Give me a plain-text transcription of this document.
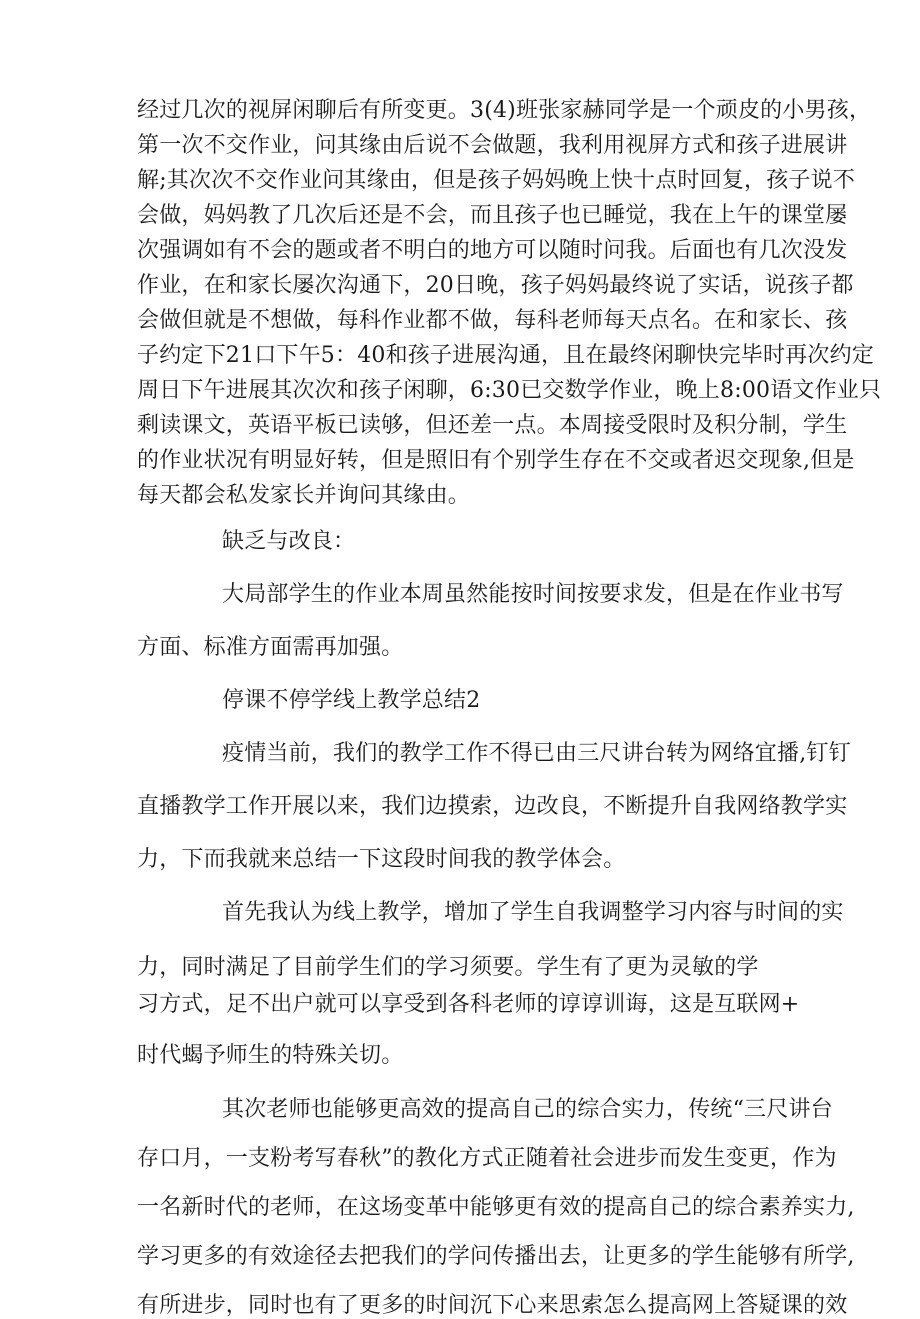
经过几次的视屏闲聊后有所变更。3(4)班张家赫同学是一个顽皮的小男孩，

第一次不交作业，问其缘由后说不会做题，我利用视屏方式和孩子进展讲

解;其次次不交作业问其缘由，但是孩子妈妈晚上快十点时回复，孩子说不

会做，妈妈教了几次后还是不会，而且孩子也已睡觉，我在上午的课堂屡

次强调如有不会的题或者不明白的地方可以随时问我。后面也有几次没发

作业，在和家长屡次沟通下，20日晚，孩子妈妈最终说了实话，说孩子都

会做但就是不想做，每科作业都不做，每科老师每天点名。在和家长、孩

子约定下21口下午5：40和孩子进展沟通，且在最终闲聊快完毕时再次约定

周日下午进展其次次和孩子闲聊，6:30已交数学作业，晚上8:00语文作业只

剩读课文，英语平板已读够，但还差一点。本周接受限时及积分制，学生

的作业状况有明显好转，但是照旧有个别学生存在不交或者迟交现象,但是

每天都会私发家长并询问其缘由。

缺乏与改良：

大局部学生的作业本周虽然能按时间按要求发，但是在作业书写

方面、标准方面需再加强。

停课不停学线上教学总结2

疫情当前，我们的教学工作不得已由三尺讲台转为网络宜播,钉钉

直播教学工作开展以来，我们边摸索，边改良，不断提升自我网络教学实

力，下而我就来总结一下这段时间我的教学体会。

首先我认为线上教学，增加了学生自我调整学习内容与时间的实

力，同时满足了目前学生们的学习须要。学生有了更为灵敏的学

习方式，足不出户就可以享受到各科老师的谆谆训诲，这是互联网+

时代蝎予师生的特殊关切。

其次老师也能够更高效的提高自己的综合实力，传统“三尺讲台

存口月，一支粉考写春秋”的教化方式正随着社会进步而发生变更，作为

一名新时代的老师，在这场变革中能够更有效的提高自己的综合素养实力,

学习更多的有效途径去把我们的学问传播出去，让更多的学生能够有所学,

有所进步，同时也有了更多的时间沉下心来思索怎么提高网上答疑课的效
